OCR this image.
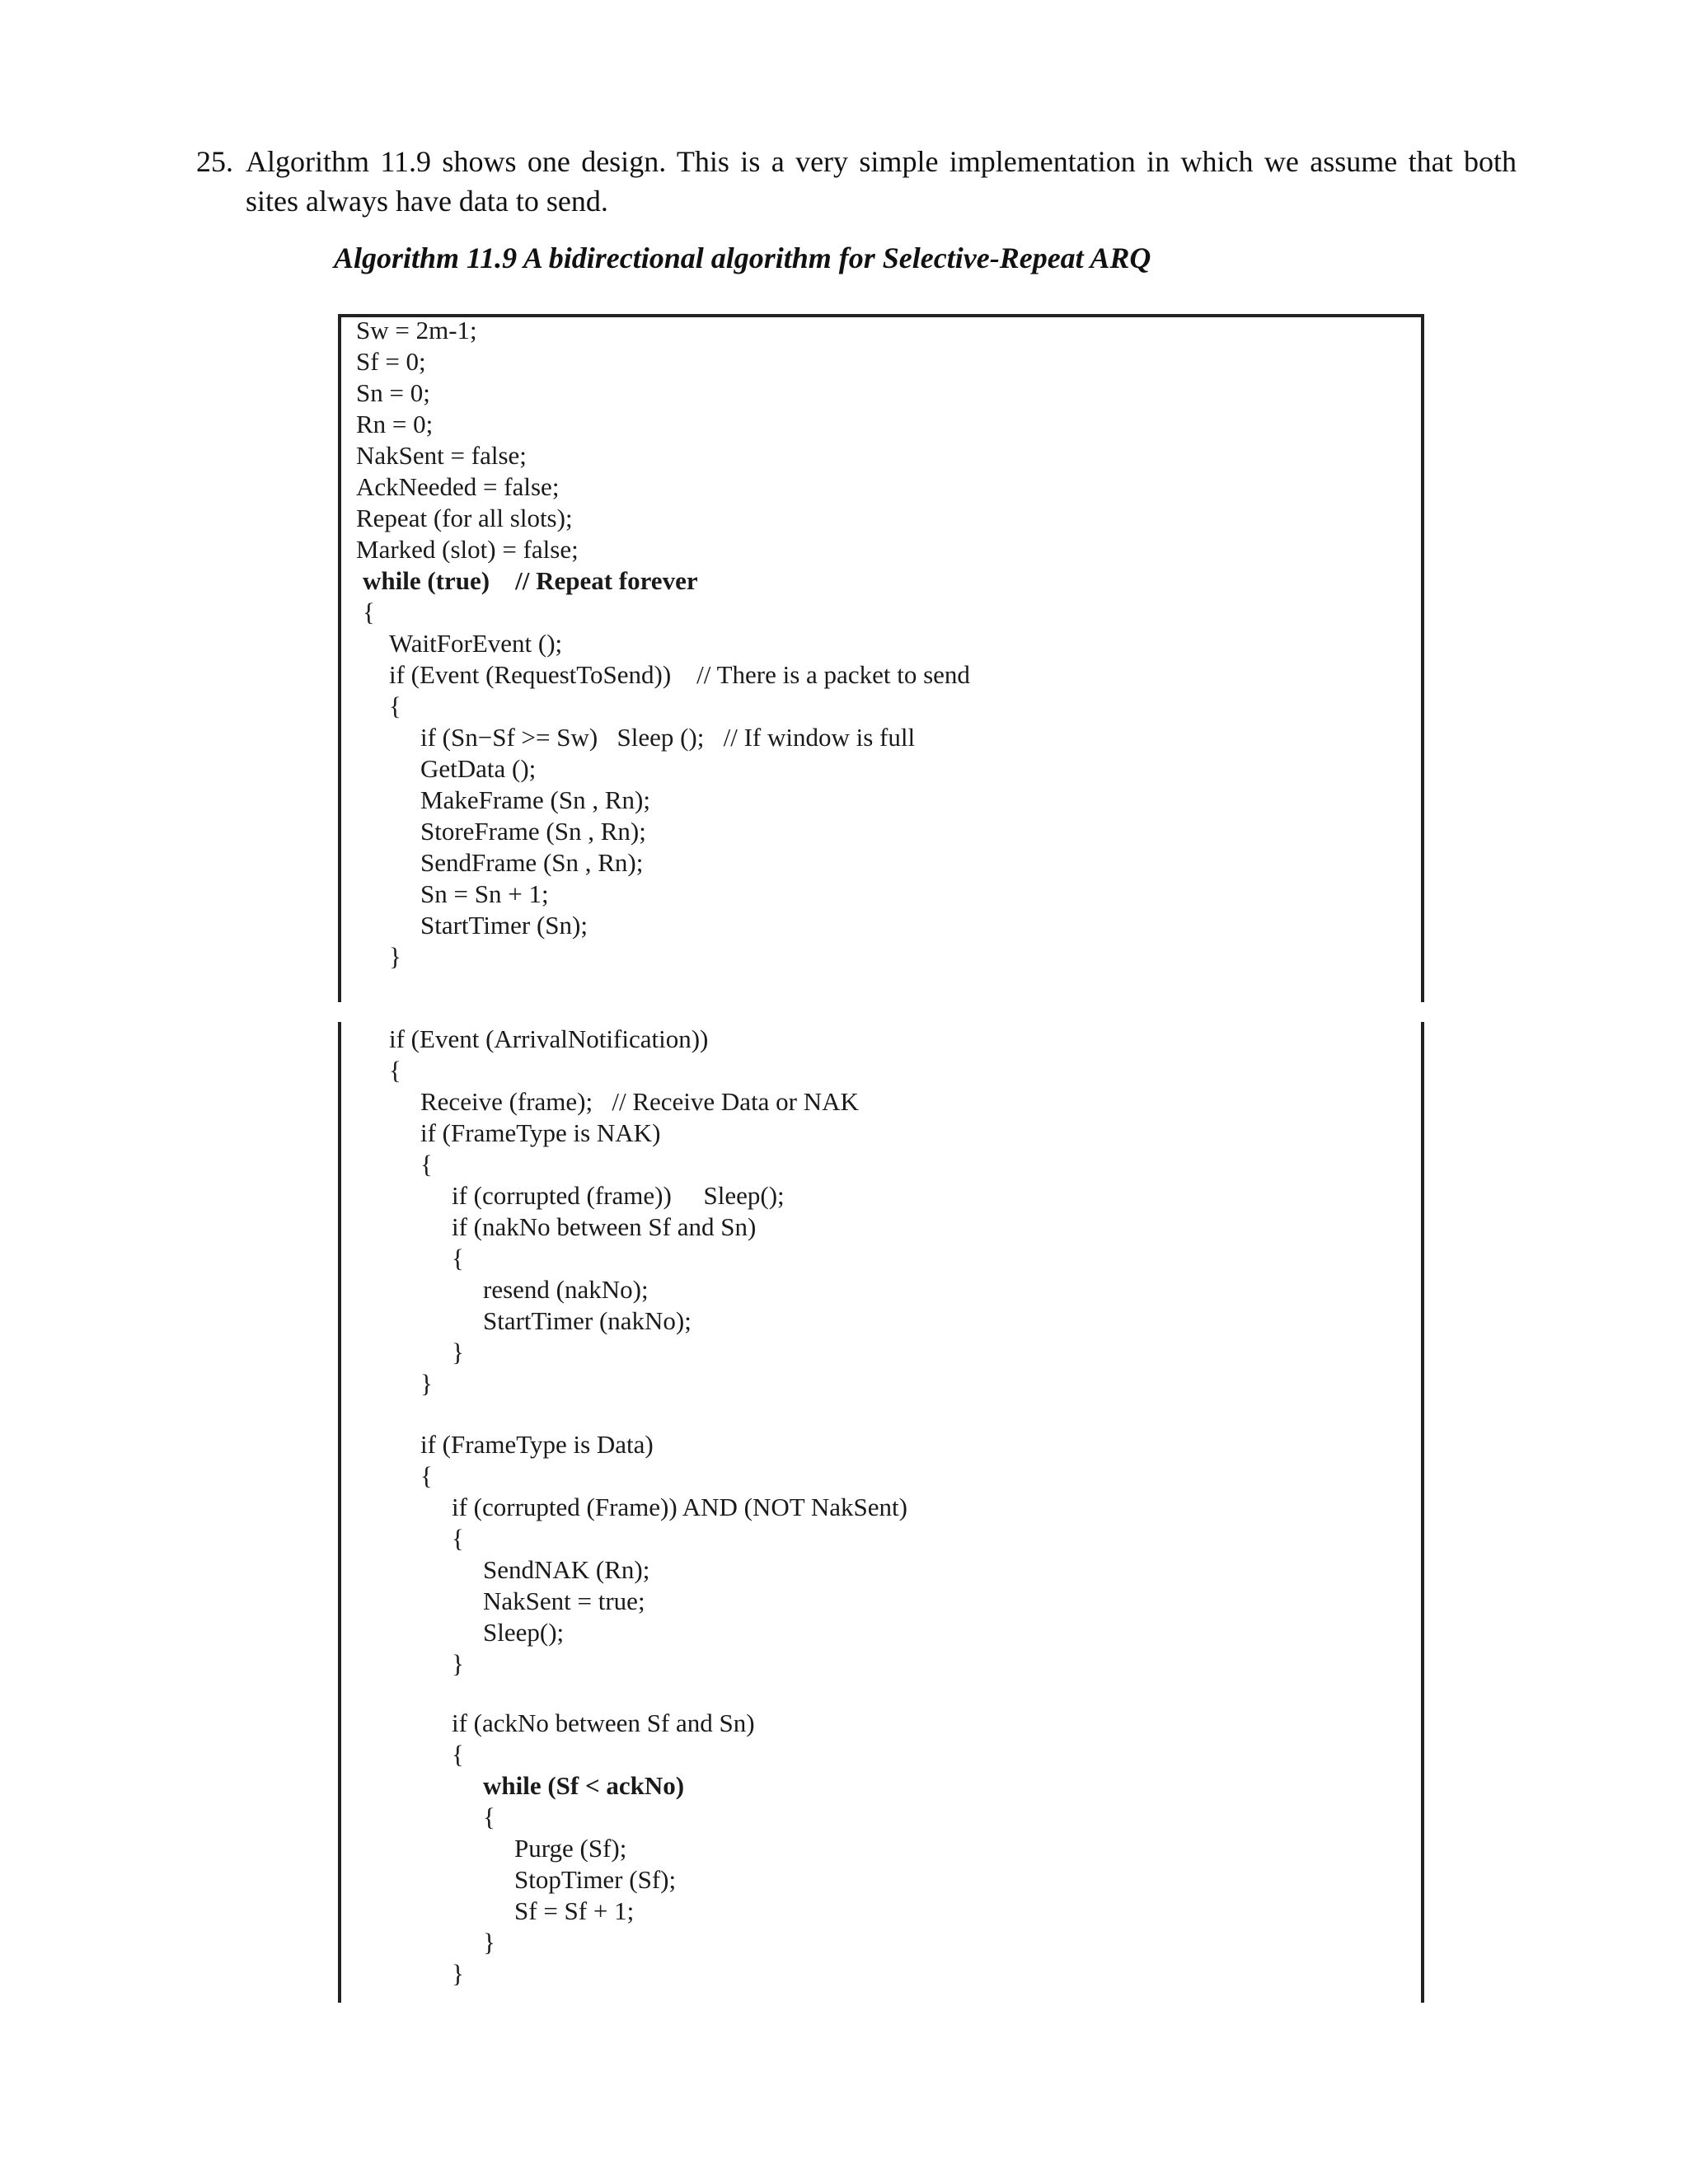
25. Algorithm 11.9 shows one design. This is a very simple implementation in which we assume that both sites always have data to send.

Algorithm 11.9 A bidirectional algorithm for Selective-Repeat ARQ
Sw = 2m-1;
Sf = 0;
Sn = 0;
Rn = 0;
NakSent = false;
AckNeeded = false;
Repeat (for all slots);
Marked (slot) = false;
while (true)    // Repeat forever
{
WaitForEvent ();
if (Event (RequestToSend))    // There is a packet to send
{
if (Sn−Sf >= Sw)   Sleep ();   // If window is full
GetData ();
MakeFrame (Sn , Rn);
StoreFrame (Sn , Rn);
SendFrame (Sn , Rn);
Sn = Sn + 1;
StartTimer (Sn);
}
if (Event (ArrivalNotification))
{
Receive (frame);   // Receive Data or NAK
if (FrameType is NAK)
{
if (corrupted (frame))     Sleep();
if (nakNo between Sf and Sn)
{
resend (nakNo);
StartTimer (nakNo);
}
}
if (FrameType is Data)
{
if (corrupted (Frame)) AND (NOT NakSent)
{
SendNAK (Rn);
NakSent = true;
Sleep();
}
if (ackNo between Sf and Sn)
{
while (Sf < ackNo)
{
Purge (Sf);
StopTimer (Sf);
Sf = Sf + 1;
}
}
